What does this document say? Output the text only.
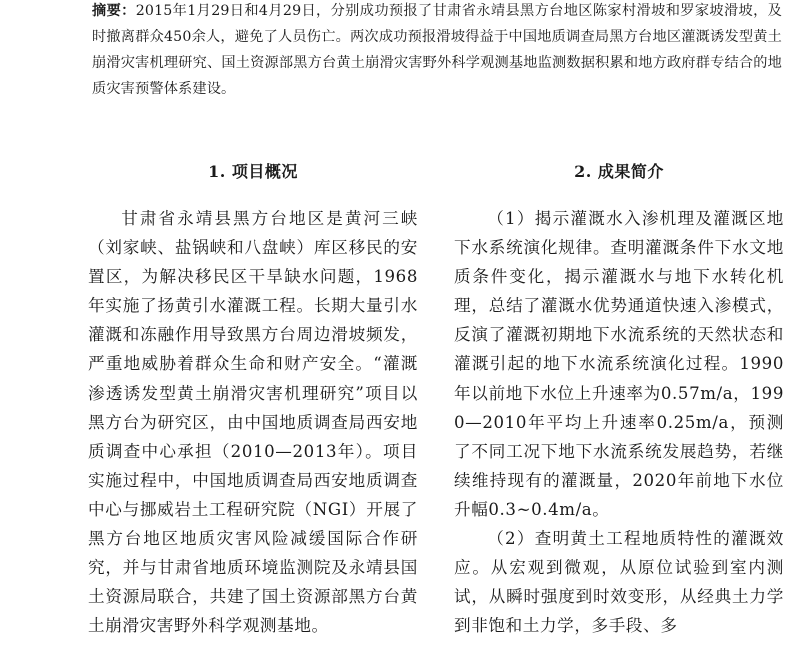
摘要：2015年1月29日和4月29日，分别成功预报了甘肃省永靖县黑方台地区陈家村滑坡和罗家坡滑坡，及时撤离群众450余人，避免了人员伤亡。两次成功预报滑坡得益于中国地质调查局黑方台地区灌溉诱发型黄土崩滑灾害机理研究、国土资源部黑方台黄土崩滑灾害野外科学观测基地监测数据积累和地方政府群专结合的地质灾害预警体系建设。
1. 项目概况

甘肃省永靖县黑方台地区是黄河三峡（刘家峡、盐锅峡和八盘峡）库区移民的安置区，为解决移民区干旱缺水问题，1968 年实施了扬黄引水灌溉工程。长期大量引水灌溉和冻融作用导致黑方台周边滑坡频发，严重地威胁着群众生命和财产安全。“灌溉渗透诱发型黄土崩滑灾害机理研究”项目以黑方台为研究区，由中国地质调查局西安地质调查中心承担（2010—2013年）。项目实施过程中，中国地质调查局西安地质调查中心与挪威岩土工程研究院（NGI）开展了黑方台地区地质灾害风险减缓国际合作研究，并与甘肃省地质环境监测院及永靖县国土资源局联合，共建了国土资源部黑方台黄土崩滑灾害野外科学观测基地。

2. 成果简介

（1）揭示灌溉水入渗机理及灌溉区地下水系统演化规律。查明灌溉条件下水文地质条件变化，揭示灌溉水与地下水转化机理，总结了灌溉水优势通道快速入渗模式，反演了灌溉初期地下水流系统的天然状态和灌溉引起的地下水流系统演化过程。1990年以前地下水位上升速率为0.57m/a，1990—2010年平均上升速率0.25m/a，预测了不同工况下地下水流系统发展趋势，若继续维持现有的灌溉量，2020年前地下水位升幅0.3~0.4m/a。

（2）查明黄土工程地质特性的灌溉效应。从宏观到微观，从原位试验到室内测试，从瞬时强度到时效变形，从经典土力学到非饱和土力学，多手段、多
